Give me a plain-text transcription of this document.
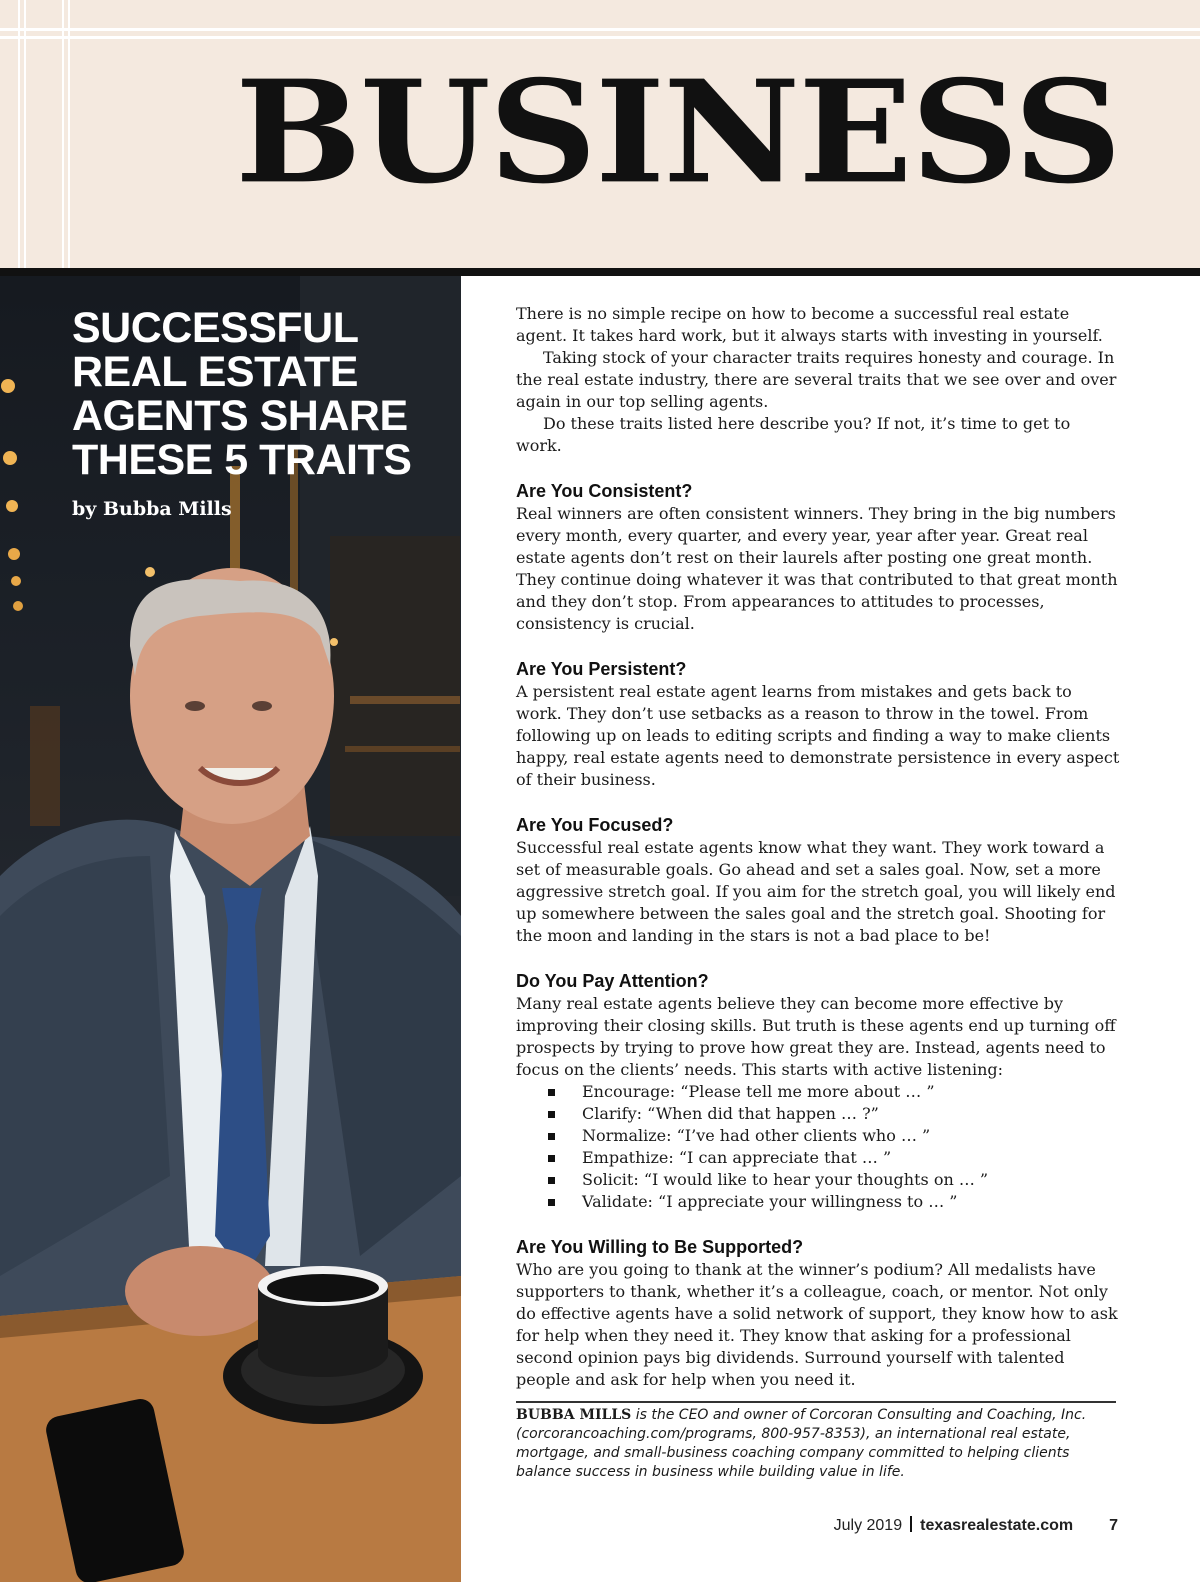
BUSINESS
SUCCESSFUL REAL ESTATE AGENTS SHARE THESE 5 TRAITS

by Bubba Mills

There is no simple recipe on how to become a successful real estate agent. It takes hard work, but it always starts with investing in yourself.

Taking stock of your character traits requires honesty and courage. In the real estate industry, there are several traits that we see over and over again in our top selling agents.

Do these traits listed here describe you? If not, it’s time to get to work.

Are You Consistent?

Real winners are often consistent winners. They bring in the big numbers every month, every quarter, and every year, year after year. Great real estate agents don’t rest on their laurels after posting one great month. They continue doing whatever it was that contributed to that great month and they don’t stop. From appearances to attitudes to processes, consistency is crucial.

Are You Persistent?

A persistent real estate agent learns from mistakes and gets back to work. They don’t use setbacks as a reason to throw in the towel. From following up on leads to editing scripts and finding a way to make clients happy, real estate agents need to demonstrate persistence in every aspect of their business.

Are You Focused?

Successful real estate agents know what they want. They work toward a set of measurable goals. Go ahead and set a sales goal. Now, set a more aggressive stretch goal. If you aim for the stretch goal, you will likely end up somewhere between the sales goal and the stretch goal. Shooting for the moon and landing in the stars is not a bad place to be!

Do You Pay Attention?

Many real estate agents believe they can become more effective by improving their closing skills. But truth is these agents end up turning off prospects by trying to prove how great they are. Instead, agents need to focus on the clients’ needs. This starts with active listening:

Encourage: “Please tell me more about … ”
Clarify: “When did that happen … ?”
Normalize: “I’ve had other clients who … ”
Empathize: “I can appreciate that … ”
Solicit: “I would like to hear your thoughts on … ”
Validate: “I appreciate your willingness to … ”
Are You Willing to Be Supported?

Who are you going to thank at the winner’s podium? All medalists have supporters to thank, whether it’s a colleague, coach, or mentor. Not only do effective agents have a solid network of support, they know how to ask for help when they need it. They know that asking for a professional second opinion pays big dividends. Surround yourself with talented people and ask for help when you need it.

BUBBA MILLS is the CEO and owner of Corcoran Consulting and Coaching, Inc. (corcorancoaching.com/programs, 800-957-8353), an international real estate, mortgage, and small-business coaching company committed to helping clients balance success in business while building value in life.

July 2019 texasrealestate.com 7
